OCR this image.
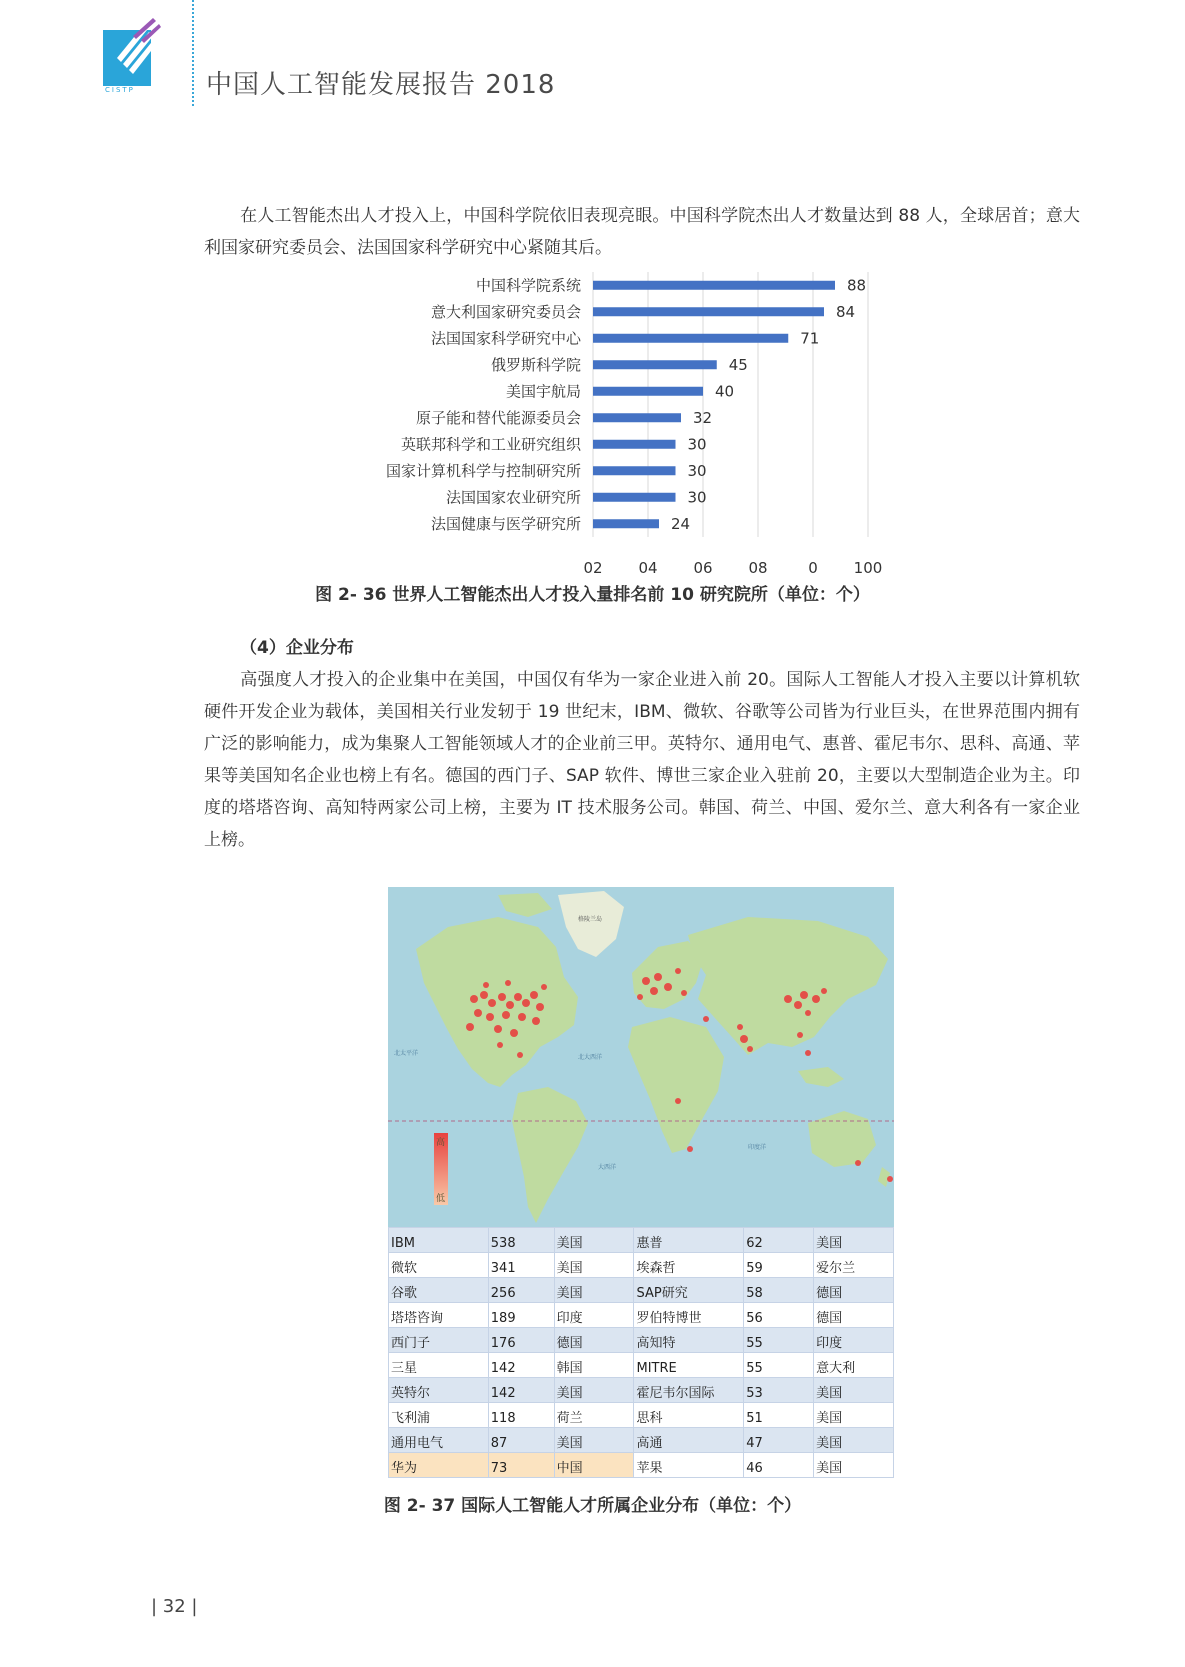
CISTP	中国人工智能发展报告 2018

在人工智能杰出人才投入上，中国科学院依旧表现亮眼。中国科学院杰出人才数量达到 88 人，全球居首；意大利国家研究委员会、法国国家科学研究中心紧随其后。

中国科学院系统	88
意大利国家研究委员会	84
法国国家科学研究中心	71
俄罗斯科学院	45
美国宇航局	40
原子能和替代能源委员会	32
英联邦科学和工业研究组织	30
国家计算机科学与控制研究所	30
法国国家农业研究所	30
法国健康与医学研究所	24
02 04 06 08	0 100
图 2- 36 世界人工智能杰出人才投入量排名前 10 研究院所（单位：个）
（4）企业分布

高强度人才投入的企业集中在美国，中国仅有华为一家企业进入前 20。国际人工智能人才投入主要以计算机软硬件开发企业为载体，美国相关行业发轫于 19 世纪末，IBM、微软、谷歌等公司皆为行业巨头，在世界范围内拥有广泛的影响能力，成为集聚人工智能领域人才的企业前三甲。英特尔、通用电气、惠普、霍尼韦尔、思科、高通、苹果等美国知名企业也榜上有名。德国的西门子、SAP 软件、博世三家企业入驻前 20，主要以大型制造企业为主。印度的塔塔咨询、高知特两家公司上榜，主要为 IT 技术服务公司。韩国、荷兰、中国、爱尔兰、意大利各有一家企业上榜。

格陵兰岛
北太平洋
北大西洋
大西洋
印度洋
高
低
IBM	538	美国	惠普	62	美国
微软	341	美国	埃森哲	59	爱尔兰
谷歌	256	美国	SAP研究	58	德国
塔塔咨询	189	印度	罗伯特博世	56	德国
西门子	176	德国	高知特	55	印度
三星	142	韩国	MITRE	55	意大利
英特尔	142	美国	霍尼韦尔国际	53	美国
飞利浦	118	荷兰	思科	51	美国
通用电气	87	美国	高通	47	美国
华为	73	中国	苹果	46	美国
图 2- 37 国际人工智能人才所属企业分布（单位：个）
| 32 |
